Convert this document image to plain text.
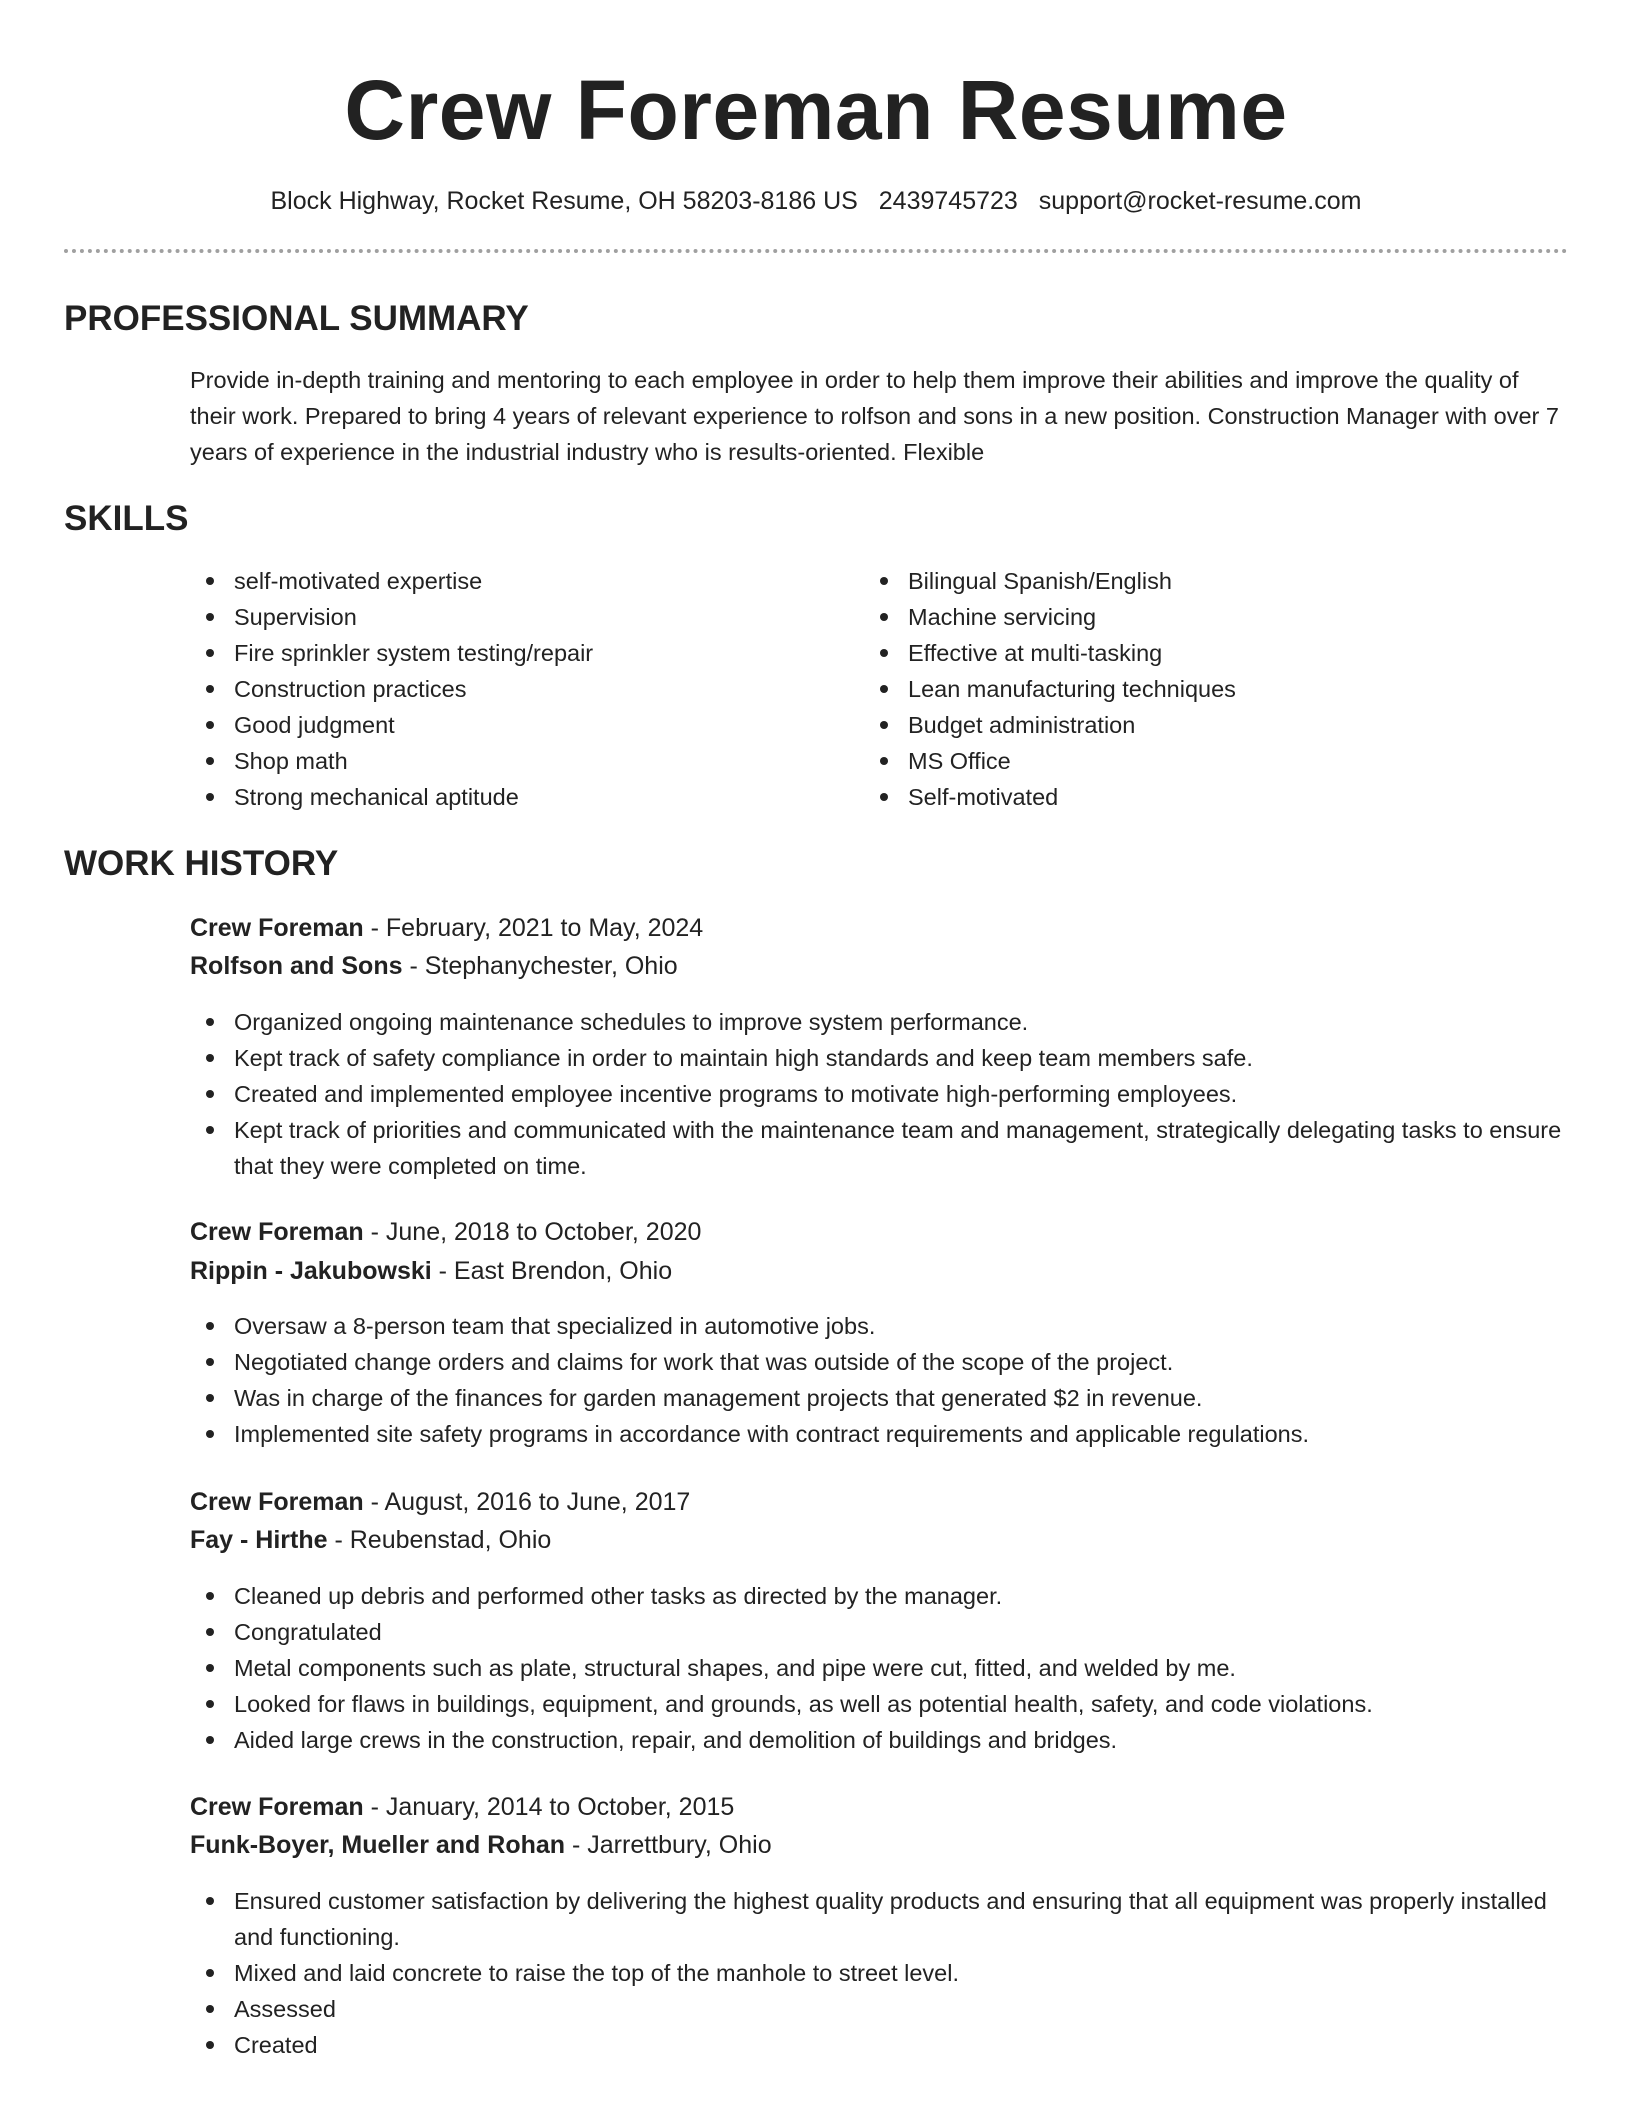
Crew Foreman Resume
Block Highway, Rocket Resume, OH 58203-8186 US 2439745723 support@rocket-resume.com
PROFESSIONAL SUMMARY

Provide in-depth training and mentoring to each employee in order to help them improve their abilities and improve the quality of their work. Prepared to bring 4 years of relevant experience to rolfson and sons in a new position. Construction Manager with over 7 years of experience in the industrial industry who is results-oriented. Flexible

SKILLS
self-motivated expertise
Supervision
Fire sprinkler system testing/repair
Construction practices
Good judgment
Shop math
Strong mechanical aptitude
Bilingual Spanish/English
Machine servicing
Effective at multi-tasking
Lean manufacturing techniques
Budget administration
MS Office
Self-motivated
WORK HISTORY
Crew Foreman - February, 2021 to May, 2024
Rolfson and Sons - Stephanychester, Ohio
Organized ongoing maintenance schedules to improve system performance.
Kept track of safety compliance in order to maintain high standards and keep team members safe.
Created and implemented employee incentive programs to motivate high-performing employees.
Kept track of priorities and communicated with the maintenance team and management, strategically delegating tasks to ensure that they were completed on time.
Crew Foreman - June, 2018 to October, 2020
Rippin - Jakubowski - East Brendon, Ohio
Oversaw a 8-person team that specialized in automotive jobs.
Negotiated change orders and claims for work that was outside of the scope of the project.
Was in charge of the finances for garden management projects that generated $2 in revenue.
Implemented site safety programs in accordance with contract requirements and applicable regulations.
Crew Foreman - August, 2016 to June, 2017
Fay - Hirthe - Reubenstad, Ohio
Cleaned up debris and performed other tasks as directed by the manager.
Congratulated
Metal components such as plate, structural shapes, and pipe were cut, fitted, and welded by me.
Looked for flaws in buildings, equipment, and grounds, as well as potential health, safety, and code violations.
Aided large crews in the construction, repair, and demolition of buildings and bridges.
Crew Foreman - January, 2014 to October, 2015
Funk-Boyer, Mueller and Rohan - Jarrettbury, Ohio
Ensured customer satisfaction by delivering the highest quality products and ensuring that all equipment was properly installed and functioning.
Mixed and laid concrete to raise the top of the manhole to street level.
Assessed
Created
